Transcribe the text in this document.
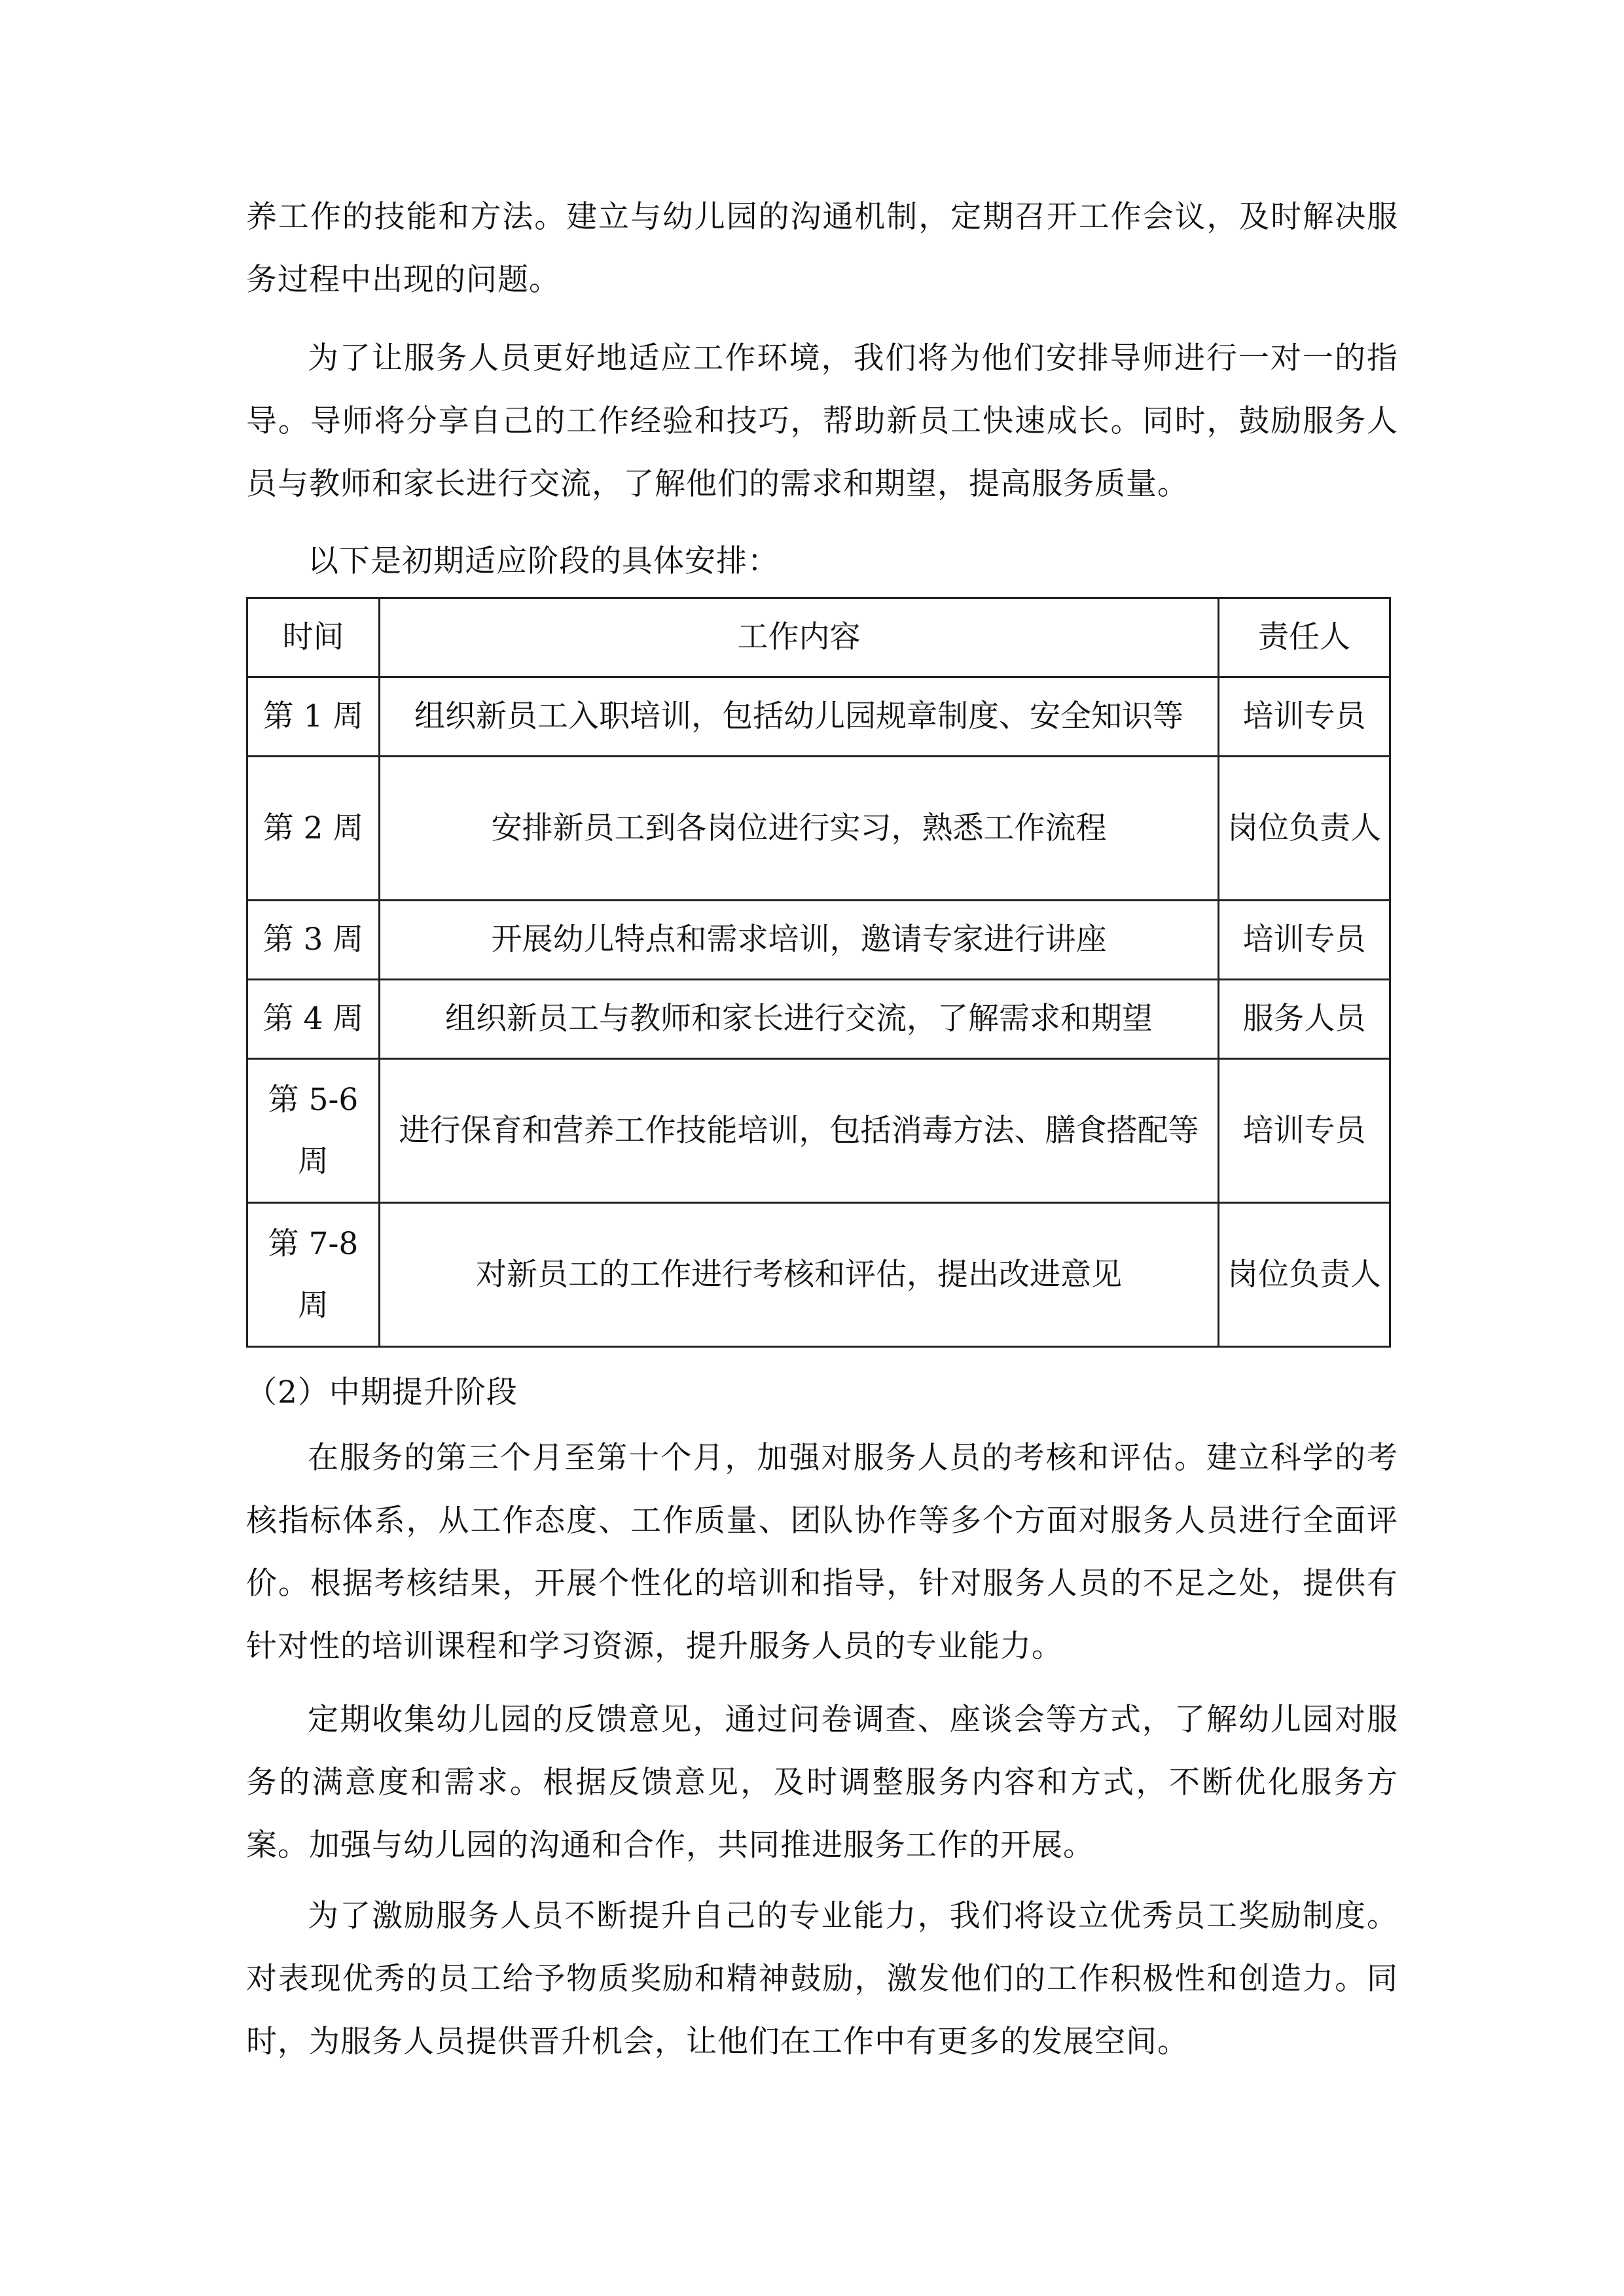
养工作的技能和方法。建立与幼儿园的沟通机制，定期召开工作会议，及时解决服务过程中出现的问题。

为了让服务人员更好地适应工作环境，我们将为他们安排导师进行一对一的指导。导师将分享自己的工作经验和技巧，帮助新员工快速成长。同时，鼓励服务人员与教师和家长进行交流，了解他们的需求和期望，提高服务质量。

以下是初期适应阶段的具体安排：

时间	工作内容	责任人
第 1 周	组织新员工入职培训，包括幼儿园规章制度、安全知识等	培训专员
第 2 周	安排新员工到各岗位进行实习，熟悉工作流程	岗位负责人
第 3 周	开展幼儿特点和需求培训，邀请专家进行讲座	培训专员
第 4 周	组织新员工与教师和家长进行交流，了解需求和期望	服务人员
第 5-6 周	进行保育和营养工作技能培训，包括消毒方法、膳食搭配等	培训专员
第 7-8 周	对新员工的工作进行考核和评估，提出改进意见	岗位负责人

（2）中期提升阶段

在服务的第三个月至第十个月，加强对服务人员的考核和评估。建立科学的考核指标体系，从工作态度、工作质量、团队协作等多个方面对服务人员进行全面评价。根据考核结果，开展个性化的培训和指导，针对服务人员的不足之处，提供有针对性的培训课程和学习资源，提升服务人员的专业能力。

定期收集幼儿园的反馈意见，通过问卷调查、座谈会等方式，了解幼儿园对服务的满意度和需求。根据反馈意见，及时调整服务内容和方式，不断优化服务方案。加强与幼儿园的沟通和合作，共同推进服务工作的开展。

为了激励服务人员不断提升自己的专业能力，我们将设立优秀员工奖励制度。对表现优秀的员工给予物质奖励和精神鼓励，激发他们的工作积极性和创造力。同时，为服务人员提供晋升机会，让他们在工作中有更多的发展空间。
